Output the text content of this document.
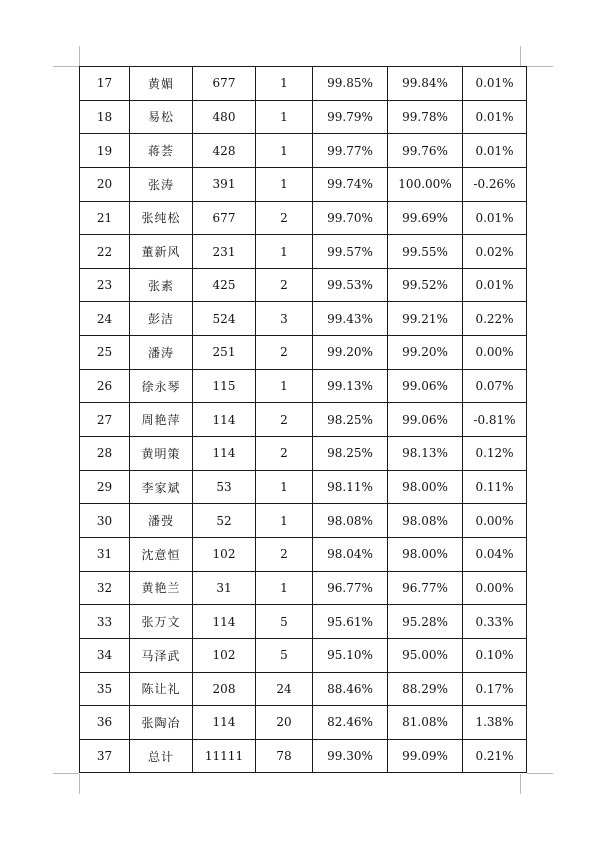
17	黄媚	677	1	99.85%	99.84%	0.01%
18	易松	480	1	99.79%	99.78%	0.01%
19	蒋荟	428	1	99.77%	99.76%	0.01%
20	张涛	391	1	99.74%	100.00%	-0.26%
21	张纯松	677	2	99.70%	99.69%	0.01%
22	董新风	231	1	99.57%	99.55%	0.02%
23	张素	425	2	99.53%	99.52%	0.01%
24	彭洁	524	3	99.43%	99.21%	0.22%
25	潘涛	251	2	99.20%	99.20%	0.00%
26	徐永琴	115	1	99.13%	99.06%	0.07%
27	周艳萍	114	2	98.25%	99.06%	-0.81%
28	黄明策	114	2	98.25%	98.13%	0.12%
29	李家斌	53	1	98.11%	98.00%	0.11%
30	潘弢	52	1	98.08%	98.08%	0.00%
31	沈意恒	102	2	98.04%	98.00%	0.04%
32	黄艳兰	31	1	96.77%	96.77%	0.00%
33	张万文	114	5	95.61%	95.28%	0.33%
34	马泽武	102	5	95.10%	95.00%	0.10%
35	陈让礼	208	24	88.46%	88.29%	0.17%
36	张陶冶	114	20	82.46%	81.08%	1.38%
37	总计	11111	78	99.30%	99.09%	0.21%
